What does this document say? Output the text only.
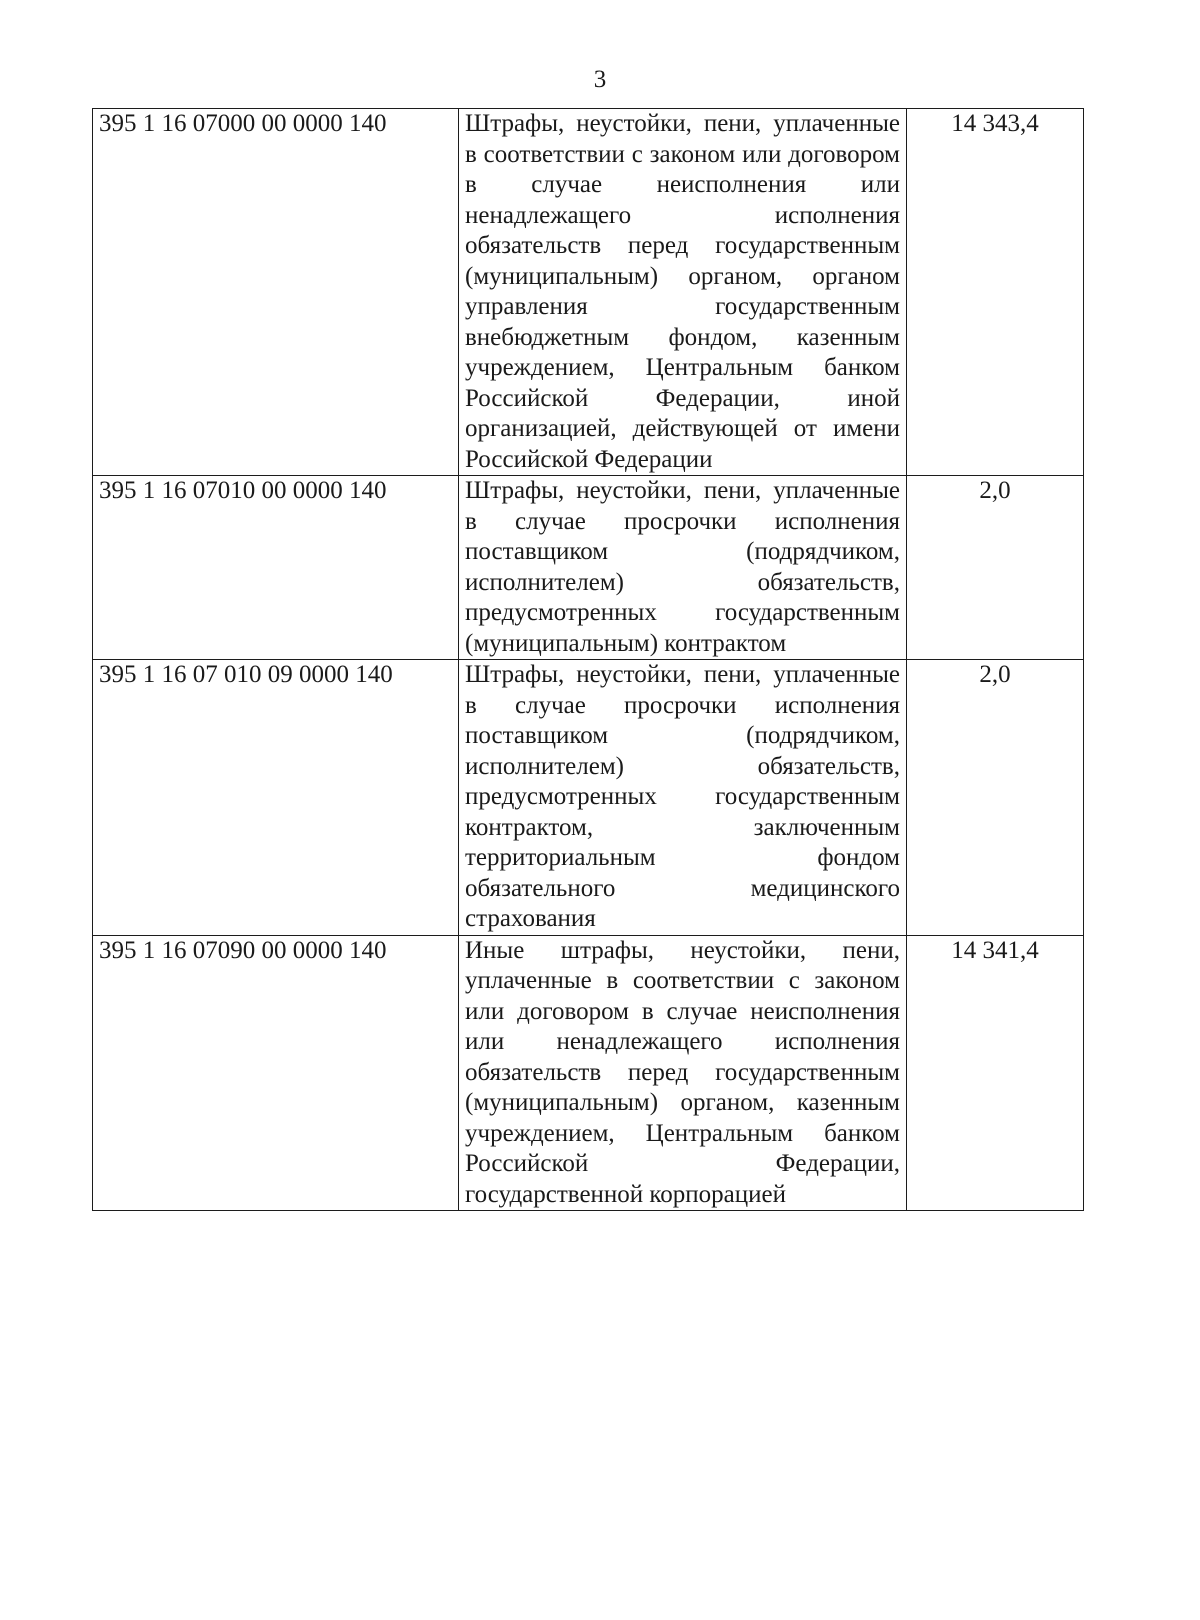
3
395 1 16 07000 00 0000 140	Штрафы, неустойки, пени, уплаченные в соответствии с законом или договором в случае неисполнения или ненадлежащего исполнения обязательств перед государственным (муниципальным) органом, органом управления государственным внебюджетным фондом, казенным учреждением, Центральным банком Российской Федерации, иной организацией, действующей от имени Российской Федерации	14 343,4
395 1 16 07010 00 0000 140	Штрафы, неустойки, пени, уплаченные в случае просрочки исполнения поставщиком (подрядчиком, исполнителем) обязательств, предусмотренных государственным (муниципальным) контрактом	2,0
395 1 16 07 010 09 0000 140	Штрафы, неустойки, пени, уплаченные в случае просрочки исполнения поставщиком (подрядчиком, исполнителем) обязательств, предусмотренных государственным контрактом, заключенным территориальным фондом обязательного медицинского страхования	2,0
395 1 16 07090 00 0000 140	Иные штрафы, неустойки, пени, уплаченные в соответствии с законом или договором в случае неисполнения или ненадлежащего исполнения обязательств перед государственным (муниципальным) органом, казенным учреждением, Центральным банком Российской Федерации, государственной корпорацией	14 341,4
